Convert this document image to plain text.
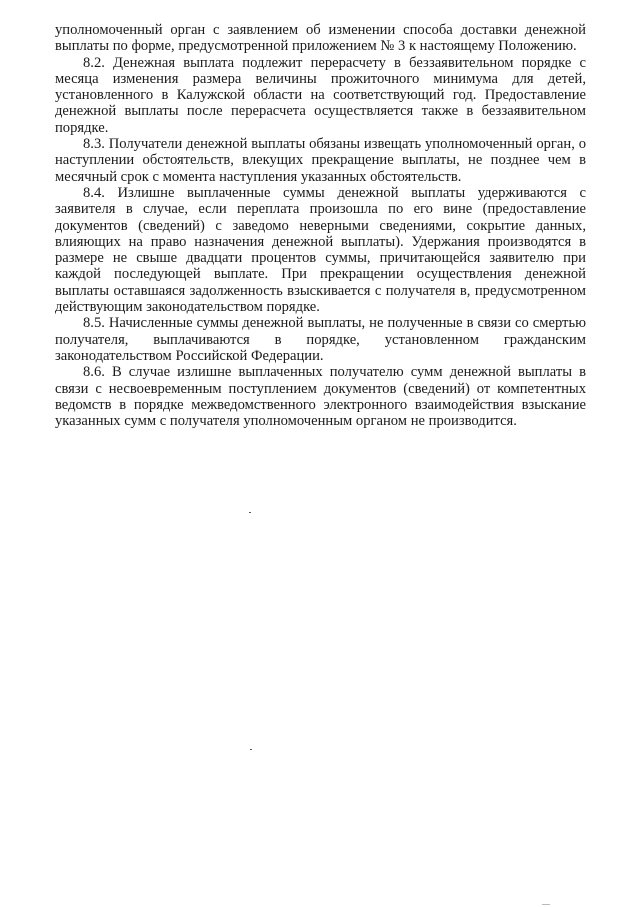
уполномоченный орган с заявлением об изменении способа доставки денежной выплаты по форме, предусмотренной приложением № 3 к настоящему Положению.

8.2. Денежная выплата подлежит перерасчету в беззаявительном порядке с месяца изменения размера величины прожиточного минимума для детей, установленного в Калужской области на соответствующий год. Предоставление денежной выплаты после перерасчета осуществляется также в беззаявительном порядке.

8.3. Получатели денежной выплаты обязаны извещать уполномоченный орган, о наступлении обстоятельств, влекущих прекращение выплаты, не позднее чем в месячный срок с момента наступления указанных обстоятельств.

8.4. Излишне выплаченные суммы денежной выплаты удерживаются с заявителя в случае, если переплата произошла по его вине (предоставление документов (сведений) с заведомо неверными сведениями, сокрытие данных, влияющих на право назначения денежной выплаты). Удержания производятся в размере не свыше двадцати процентов суммы, причитающейся заявителю при каждой последующей выплате. При прекращении осуществления денежной выплаты оставшаяся задолженность взыскивается с получателя в, предусмотренном действующим законодательством порядке.

8.5. Начисленные суммы денежной выплаты, не полученные в связи со смертью получателя, выплачиваются в порядке, установленном гражданским законодательством Российской Федерации.

8.6. В случае излишне выплаченных получателю сумм денежной выплаты в связи с несвоевременным поступлением документов (сведений) от компетентных ведомств в порядке межведомственного электронного взаимодействия взыскание указанных сумм с получателя уполномоченным органом не производится.
